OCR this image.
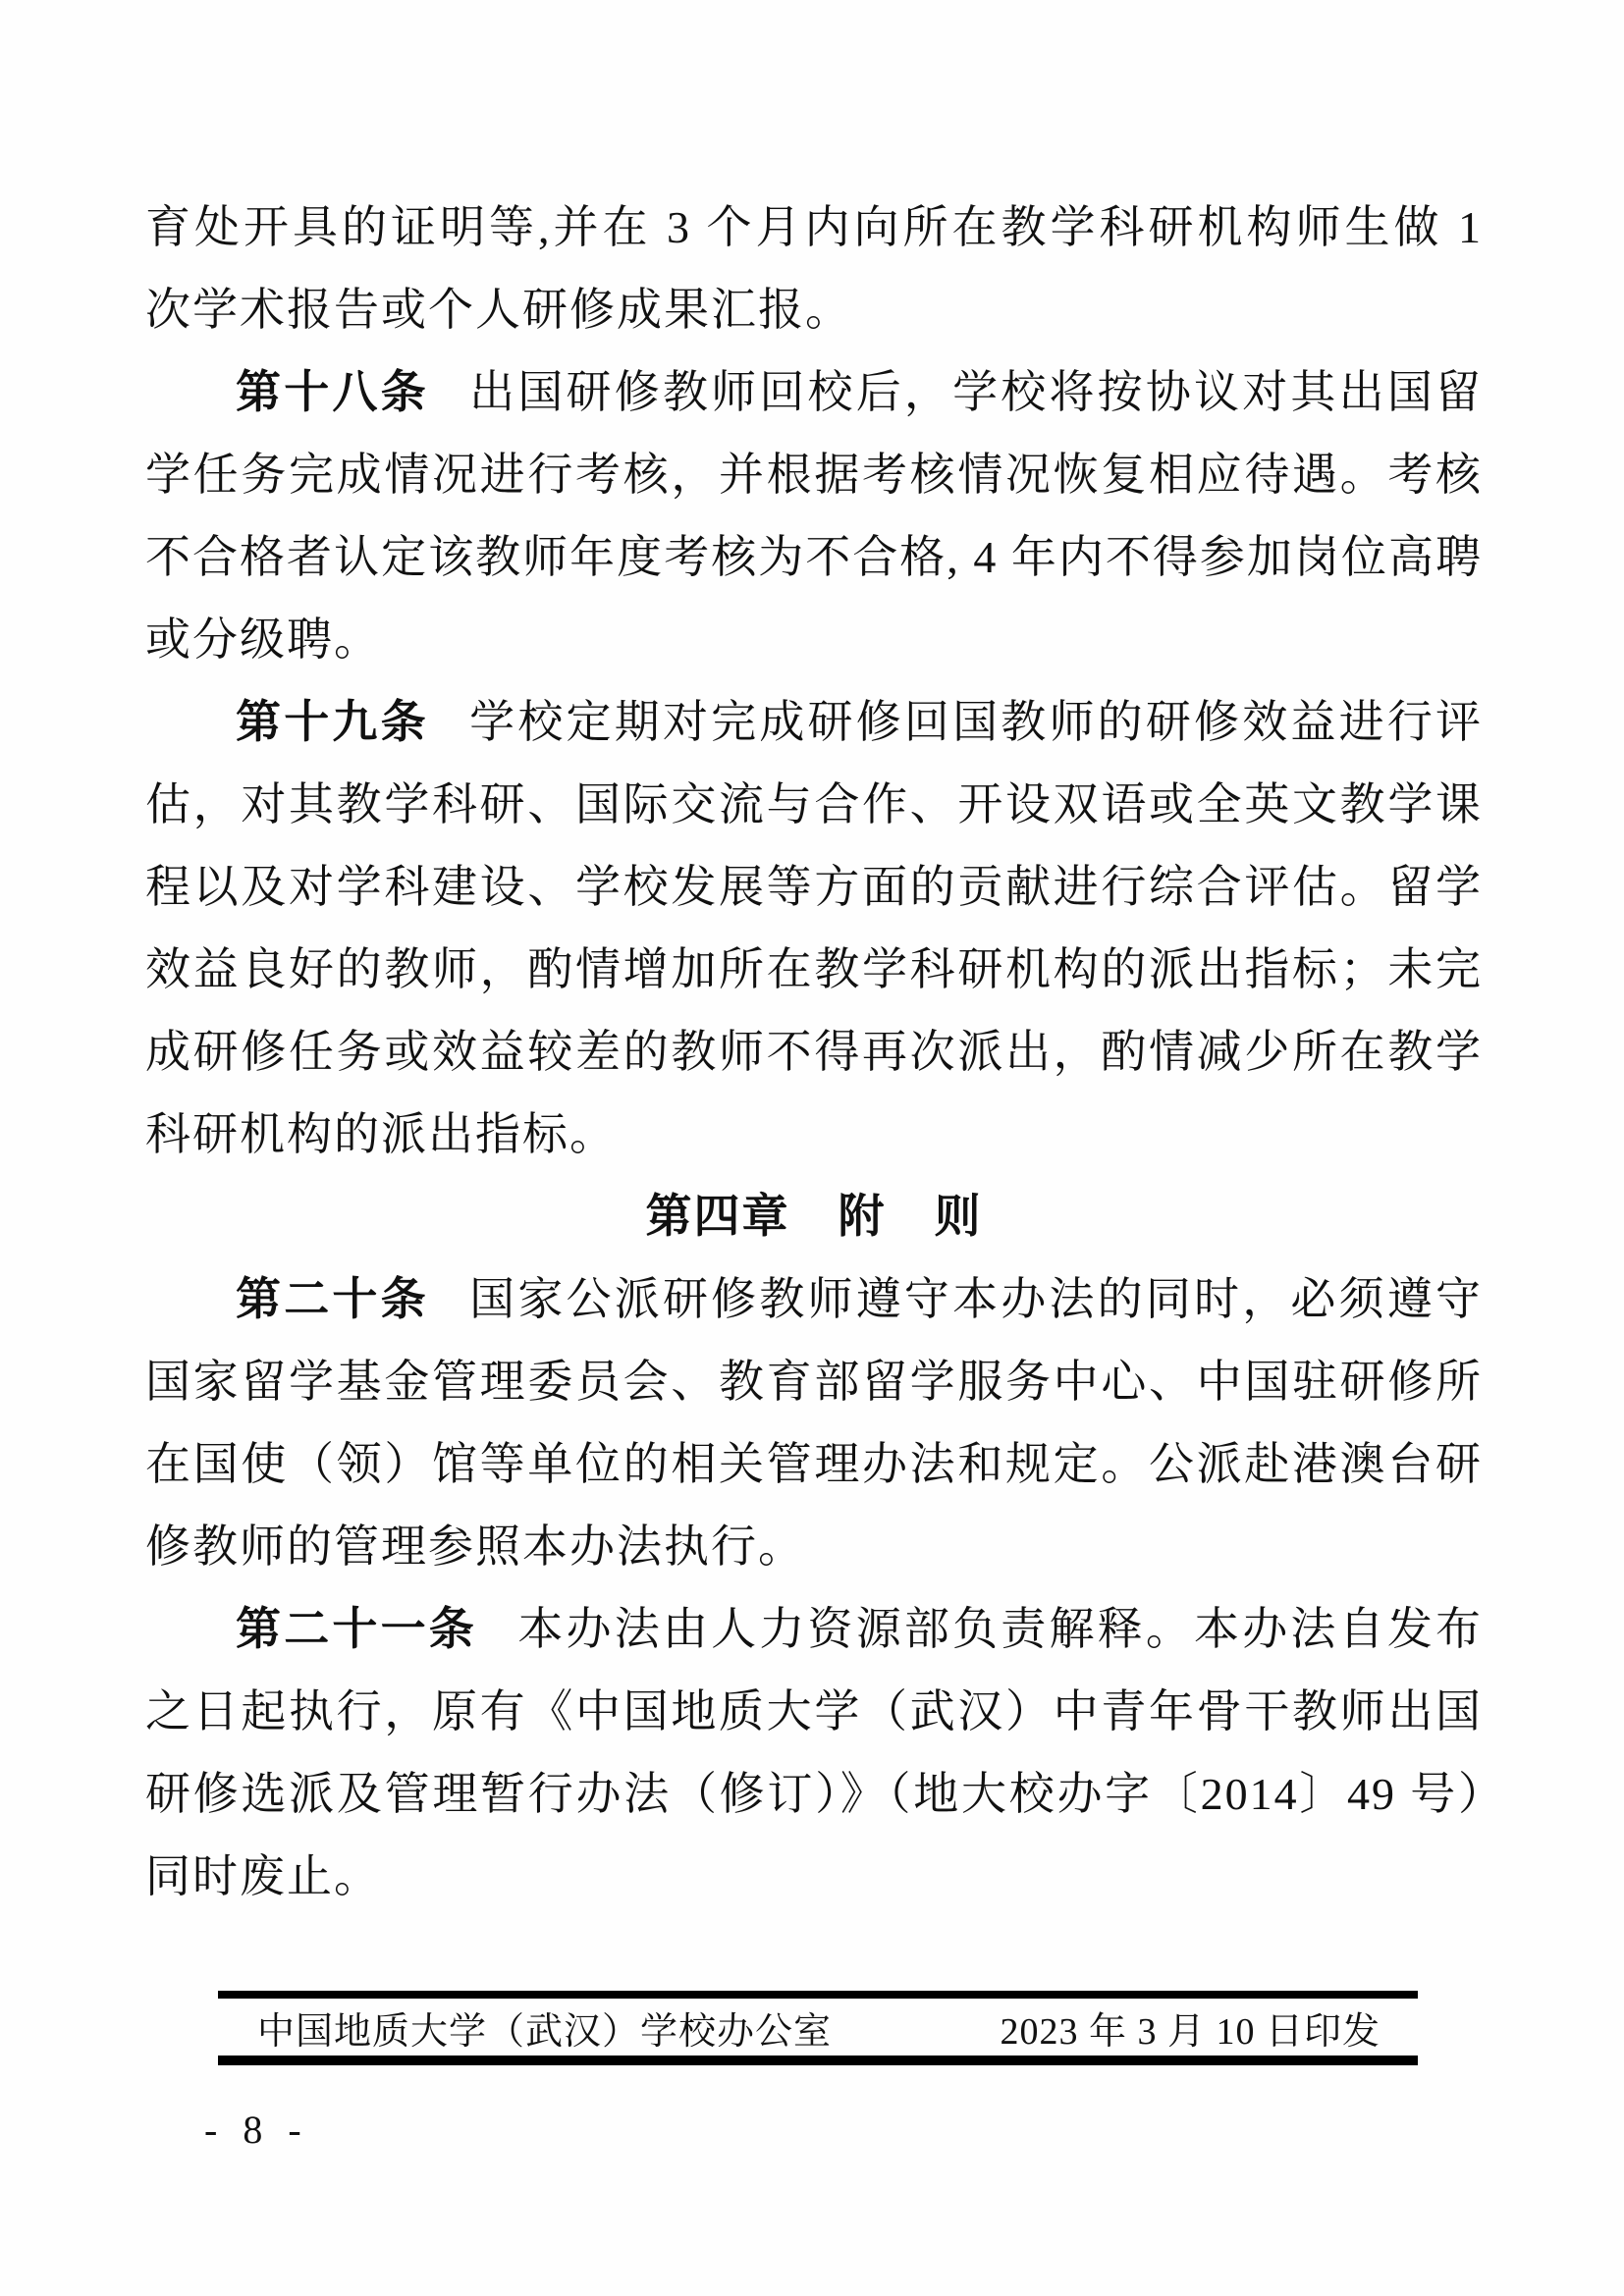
育处开具的证明等,并在 3 个月内向所在教学科研机构师生做 1 次学术报告或个人研修成果汇报。

第十八条 出国研修教师回校后，学校将按协议对其出国留学任务完成情况进行考核，并根据考核情况恢复相应待遇。考核不合格者认定该教师年度考核为不合格, 4 年内不得参加岗位高聘或分级聘。

第十九条 学校定期对完成研修回国教师的研修效益进行评估，对其教学科研、国际交流与合作、开设双语或全英文教学课程以及对学科建设、学校发展等方面的贡献进行综合评估。留学效益良好的教师，酌情增加所在教学科研机构的派出指标；未完成研修任务或效益较差的教师不得再次派出，酌情减少所在教学科研机构的派出指标。

第四章　附　则

第二十条 国家公派研修教师遵守本办法的同时，必须遵守国家留学基金管理委员会、教育部留学服务中心、中国驻研修所在国使（领）馆等单位的相关管理办法和规定。公派赴港澳台研修教师的管理参照本办法执行。

第二十一条 本办法由人力资源部负责解释。本办法自发布之日起执行，原有《中国地质大学（武汉）中青年骨干教师出国研修选派及管理暂行办法（修订）》（地大校办字〔2014〕49 号）同时废止。

中国地质大学（武汉）学校办公室	2023 年 3 月 10 日印发
- 8 -
